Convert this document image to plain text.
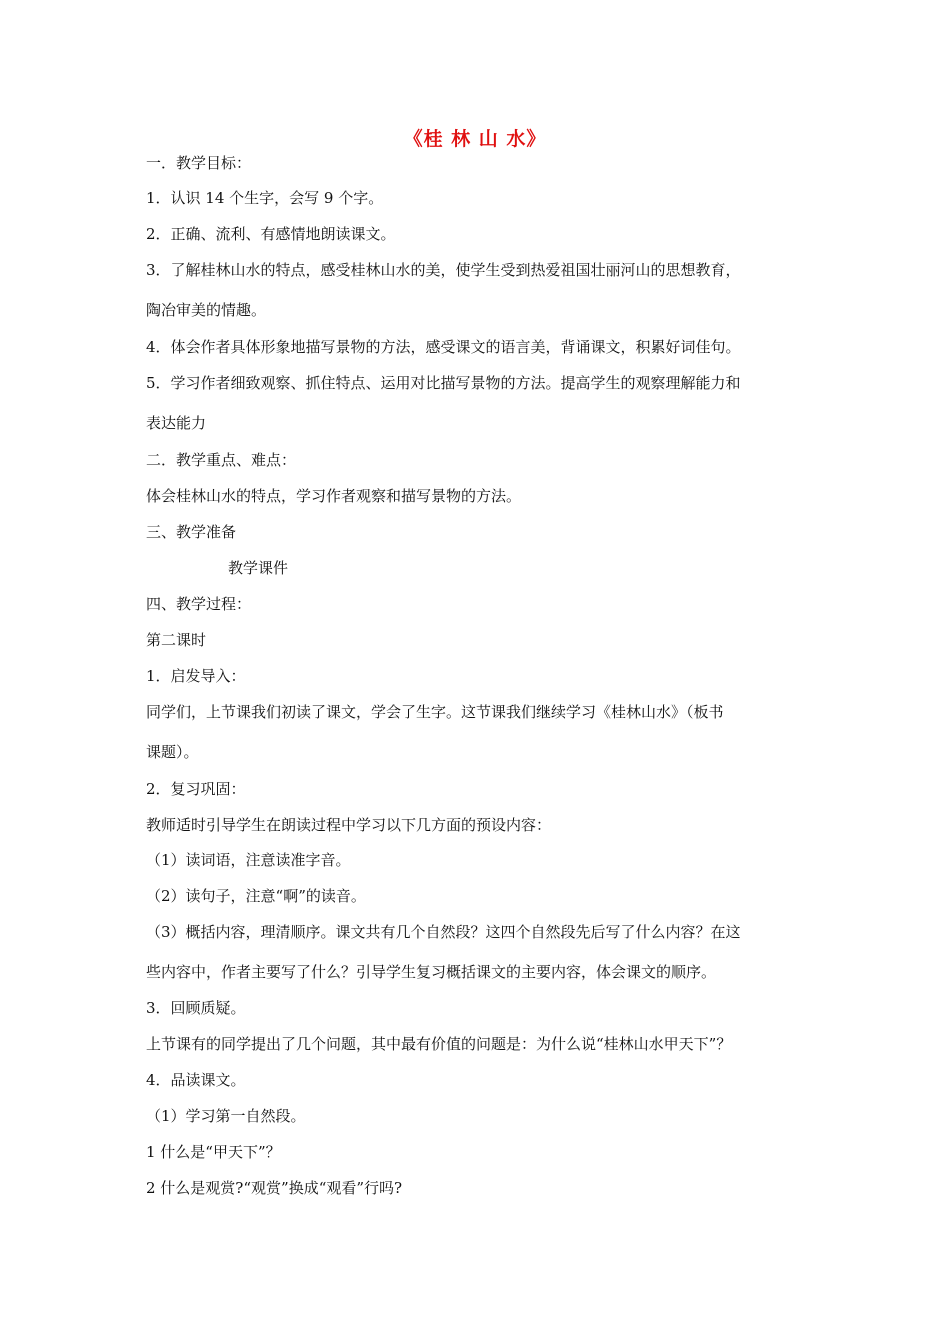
《桂 林 山 水》
一．教学目标：
1．认识 14 个生字，会写 9 个字。
2．正确、流利、有感情地朗读课文。
3．了解桂林山水的特点，感受桂林山水的美，使学生受到热爱祖国壮丽河山的思想教育，
陶冶审美的情趣。
4．体会作者具体形象地描写景物的方法，感受课文的语言美，背诵课文，积累好词佳句。
5．学习作者细致观察、抓住特点、运用对比描写景物的方法。提高学生的观察理解能力和
表达能力
二．教学重点、难点：
体会桂林山水的特点，学习作者观察和描写景物的方法。
三、教学准备
教学课件
四、教学过程：
第二课时
1．启发导入：
同学们，上节课我们初读了课文，学会了生字。这节课我们继续学习《桂林山水》（板书
课题）。
2．复习巩固：
教师适时引导学生在朗读过程中学习以下几方面的预设内容：
（1）读词语，注意读准字音。
（2）读句子，注意“啊”的读音。
（3）概括内容，理清顺序。课文共有几个自然段？这四个自然段先后写了什么内容？在这
些内容中，作者主要写了什么？引导学生复习概括课文的主要内容，体会课文的顺序。
3．回顾质疑。
上节课有的同学提出了几个问题，其中最有价值的问题是：为什么说“桂林山水甲天下”？
4．品读课文。
（1）学习第一自然段。
1 什么是“甲天下”？
2 什么是观赏?“观赏”换成“观看”行吗?
